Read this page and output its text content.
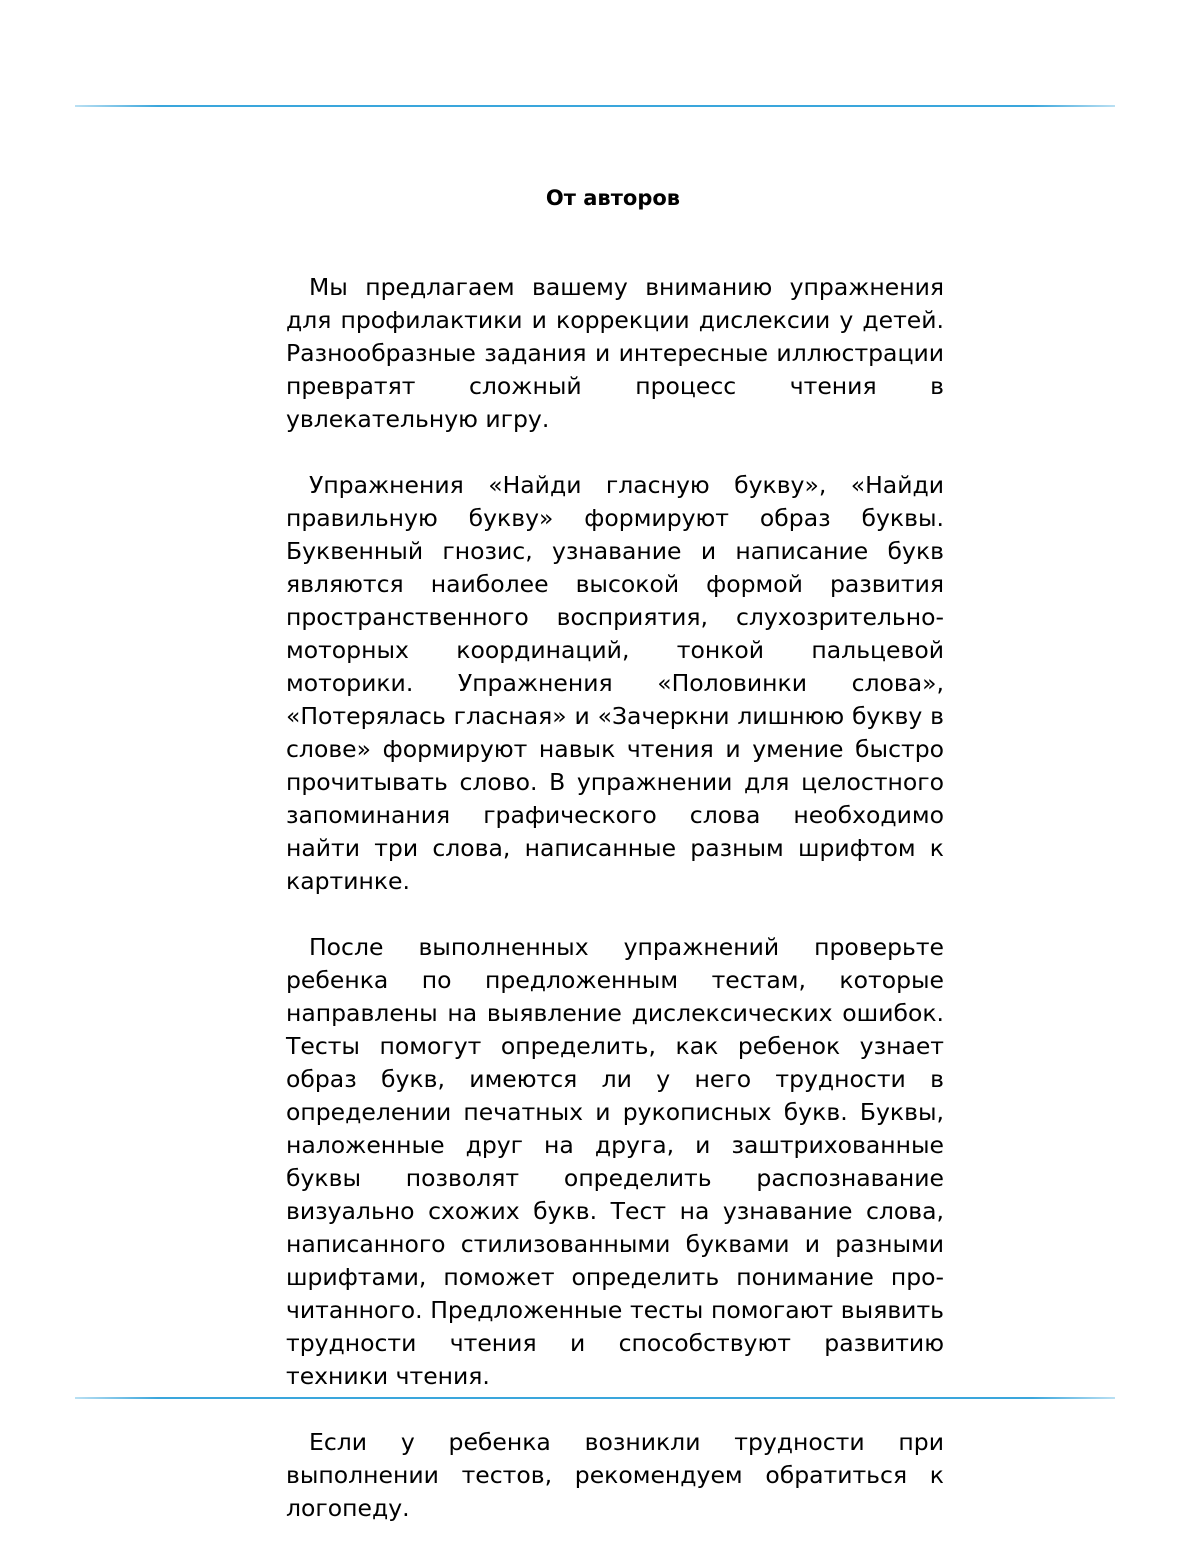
От авторов

Мы предлагаем вашему вниманию упражнения для профилактики и коррекции дислексии у детей. Разнообразные задания и интересные иллюстрации превратят сложный процесс чтения в увлекательную игру.

Упражнения «Найди гласную букву», «Найди правильную букву» формируют образ буквы. Буквенный гнозис, узнавание и написание букв являются наиболее высокой формой развития пространственного восприятия, слухозрительно-моторных координаций, тонкой пальцевой моторики. Упражнения «Половинки слова», «Потерялась гласная» и «Зачеркни лишнюю букву в слове» формируют навык чтения и умение быстро прочитывать слово. В упражнении для целостного запоминания графического слова необходимо найти три слова, написанные разным шрифтом к картинке.

После выполненных упражнений проверьте ребенка по предложенным тестам, которые направлены на выявление дислексических ошибок. Тесты помогут определить, как ребенок узнает образ букв, имеются ли у него трудности в определении печатных и рукописных букв. Буквы, наложенные друг на друга, и заштрихованные буквы позволят определить распознавание визуально схожих букв. Тест на узнавание слова, написанного стилизованными буквами и разными шрифтами, поможет определить понимание прочитанного. Предложенные тесты помогают выявить трудности чтения и способствуют развитию техники чтения.

Если у ребенка возникли трудности при выполнении тестов, рекомендуем обратиться к логопеду.
